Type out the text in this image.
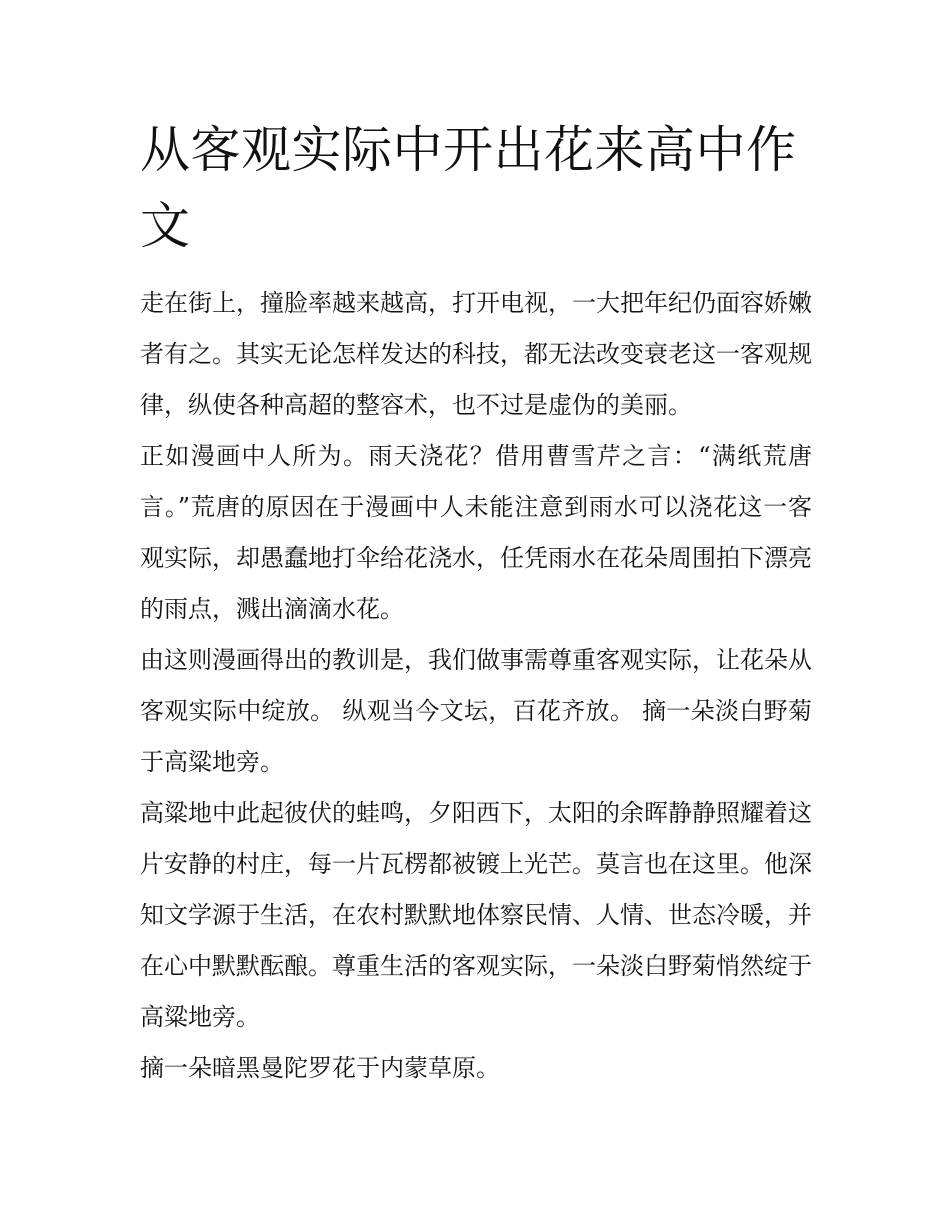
从客观实际中开出花来高中作文

走在街上，撞脸率越来越高，打开电视，一大把年纪仍面容娇嫩者有之。其实无论怎样发达的科技，都无法改变衰老这一客观规律，纵使各种高超的整容术，也不过是虚伪的美丽。

正如漫画中人所为。雨天浇花？借用曹雪芹之言：“满纸荒唐言。”荒唐的原因在于漫画中人未能注意到雨水可以浇花这一客观实际，却愚蠢地打伞给花浇水，任凭雨水在花朵周围拍下漂亮的雨点，溅出滴滴水花。

由这则漫画得出的教训是，我们做事需尊重客观实际，让花朵从客观实际中绽放。 纵观当今文坛，百花齐放。 摘一朵淡白野菊于高粱地旁。

高粱地中此起彼伏的蛙鸣，夕阳西下，太阳的余晖静静照耀着这片安静的村庄，每一片瓦楞都被镀上光芒。莫言也在这里。他深知文学源于生活，在农村默默地体察民情、人情、世态冷暖，并在心中默默酝酿。尊重生活的客观实际，一朵淡白野菊悄然绽于高粱地旁。

摘一朵暗黑曼陀罗花于内蒙草原。
